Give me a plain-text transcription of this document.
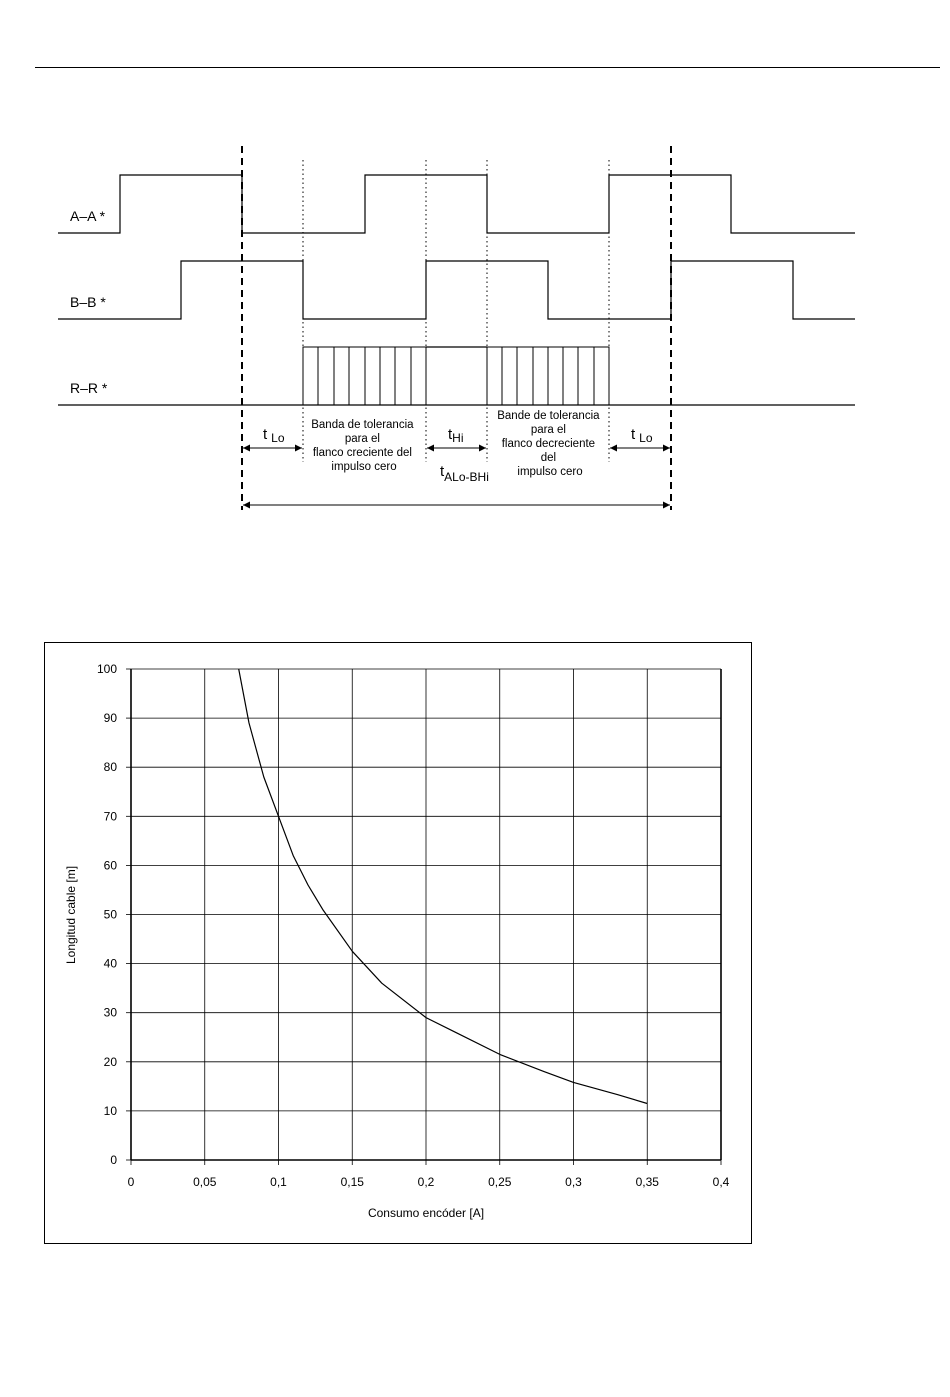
A–A *
B–B *
R–R *
t $_{Lo}$	$t_{Hi}$
$t_{ALo-BHi}$
t $_{Lo}$
Banda de tolerancia para el flanco creciente del impulso cero
Bande de tolerancia para el flanco decreciente del impulso cero
0	0,05	0,1	0,15	0,2	0,25	0,3	0,35	0,4
0
10
20
30
40
50
60
70
80
90
100
Consumo encóder [A]
Longitud cable [m]
